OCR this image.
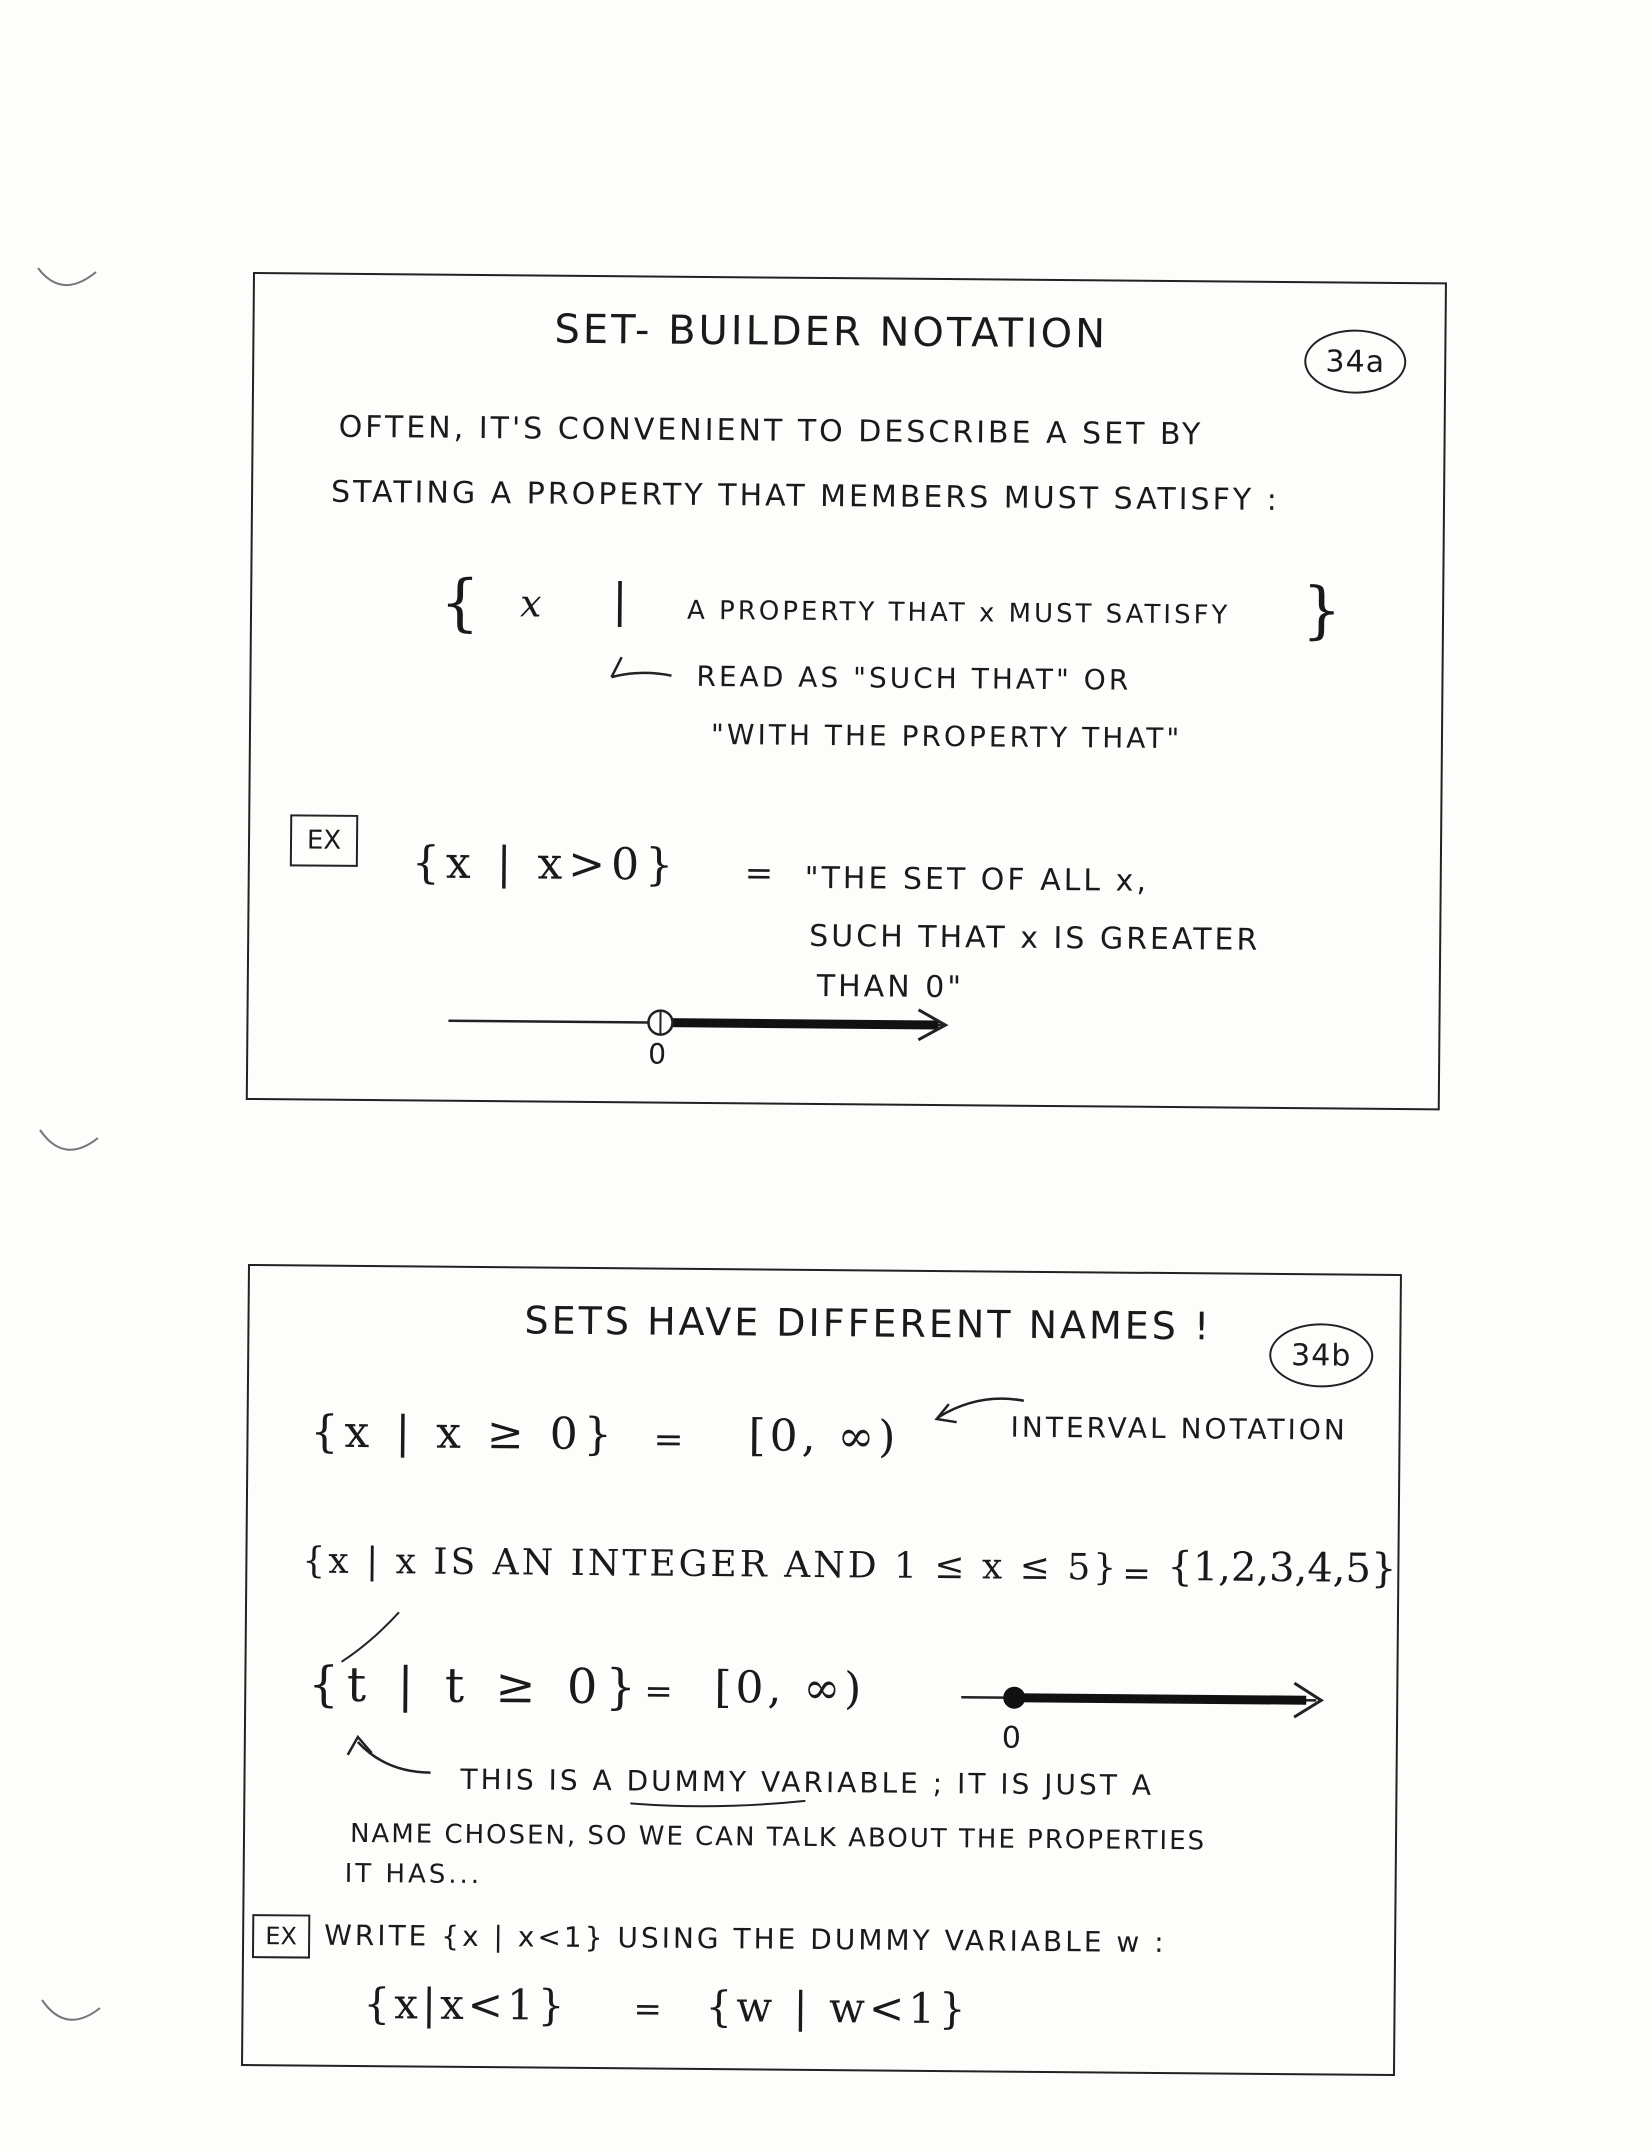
SET- BUILDER NOTATION
34a
OFTEN, IT'S CONVENIENT TO DESCRIBE A SET BY
STATING A PROPERTY THAT MEMBERS MUST SATISFY :
{ x | A PROPERTY THAT x MUST SATISFY }
READ AS "SUCH THAT" OR
"WITH THE PROPERTY THAT"
EX {x | x>0} = "THE SET OF ALL x,
SUCH THAT x IS GREATER
THAN 0"
0
SETS HAVE DIFFERENT NAMES !
34b
{x | x ≥ 0} = [0, ∞)	INTERVAL NOTATION
{x | x IS AN INTEGER AND 1 ≤ x ≤ 5} = {1,2,3,4,5}
{t | t ≥ 0} = [0, ∞)
0
THIS IS A DUMMY VARIABLE ; IT IS JUST A
NAME CHOSEN, SO WE CAN TALK ABOUT THE PROPERTIES
IT HAS...
EX WRITE {x | x<1} USING THE DUMMY VARIABLE w :
{x|x<1} = {w | w<1}
